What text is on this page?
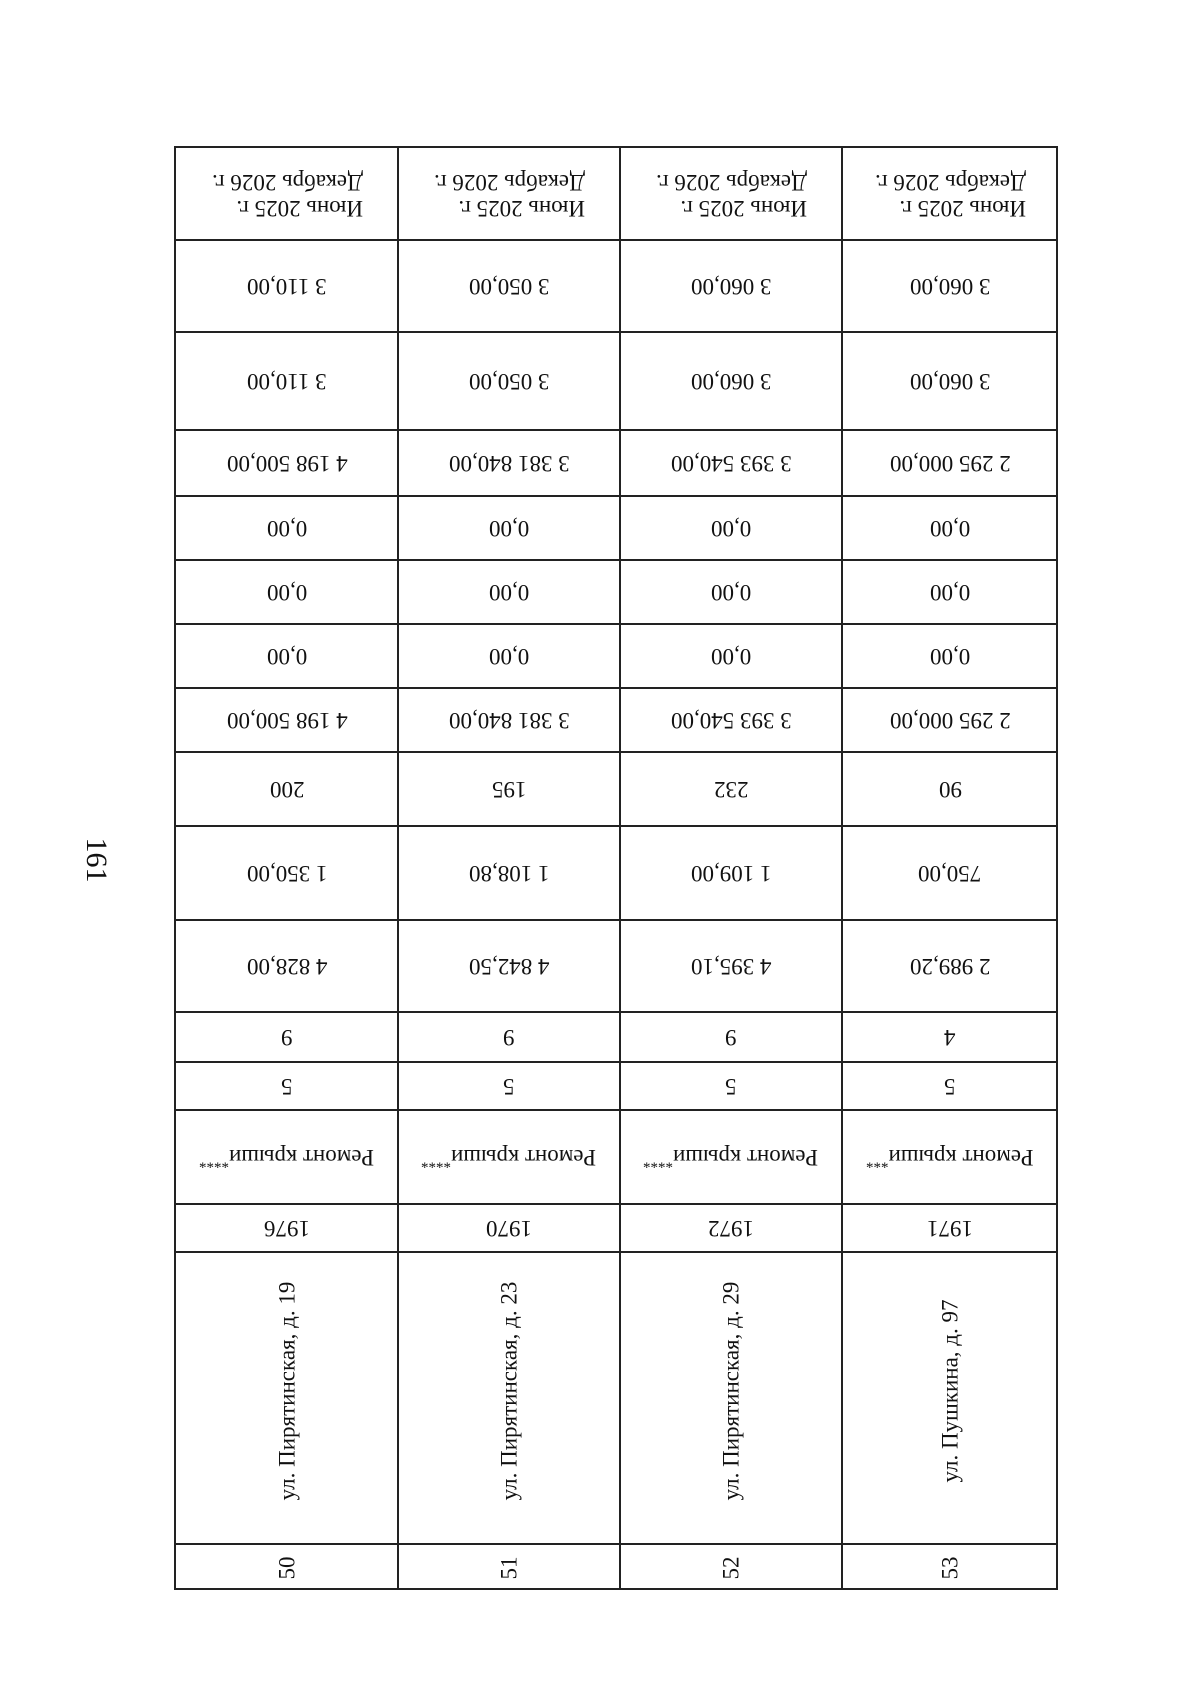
161
Июнь 2025 г.
Декабрь 2026 г.
3 110,00
3 110,00
4 198 500,00
0,00
0,00
0,00
4 198 500,00
200
1 350,00
4 828,00
9
5
Ремонт крыши****
1976
ул. Пирятинская, д. 19
50
Июнь 2025 г.
Декабрь 2026 г.
3 050,00
3 050,00
3 381 840,00
0,00
0,00
0,00
3 381 840,00
195
1 108,80
4 842,50
9
5
Ремонт крыши****
1970
ул. Пирятинская, д. 23
51
Июнь 2025 г.
Декабрь 2026 г.
3 060,00
3 060,00
3 393 540,00
0,00
0,00
0,00
3 393 540,00
232
1 109,00
4 395,10
9
5
Ремонт крыши****
1972
ул. Пирятинская, д. 29
52
Июнь 2025 г.
Декабрь 2026 г.
3 060,00
3 060,00
2 295 000,00
0,00
0,00
0,00
2 295 000,00
90
750,00
2 989,20
4
5
Ремонт крыши***
1971
ул. Пушкина, д. 97
53
